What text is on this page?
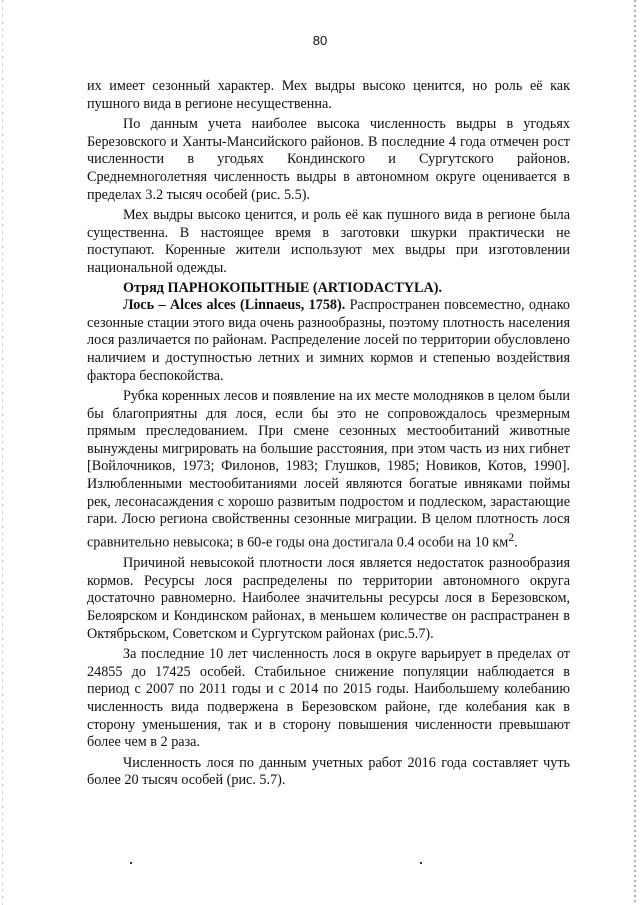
80

их имеет сезонный характер. Мех выдры высоко ценится, но роль её как пушного вида в регионе несущественна.

По данным учета наиболее высока численность выдры в угодьях Березовского и Ханты-Мансийского районов. В последние 4 года отмечен рост численности в угодьях Кондинского и Сургутского районов. Среднемноголетняя численность выдры в автономном округе оценивается в пределах 3.2 тысяч особей (рис. 5.5).

Мех выдры высоко ценится, и роль её как пушного вида в регионе была существенна. В настоящее время в заготовки шкурки практически не поступают. Коренные жители используют мех выдры при изготовлении национальной одежды.

Отряд ПАРНОКОПЫТНЫЕ (ARTIODACTYLA).

Лось – Alces alces (Linnaeus, 1758). Распространен повсеместно, однако сезонные стации этого вида очень разнообразны, поэтому плотность населения лося различается по районам. Распределение лосей по территории обусловлено наличием и доступностью летних и зимних кормов и степенью воздействия фактора беспокойства.

Рубка коренных лесов и появление на их месте молодняков в целом были бы благоприятны для лося, если бы это не сопровождалось чрезмерным прямым преследованием. При смене сезонных местообитаний животные вынуждены мигрировать на большие расстояния, при этом часть из них гибнет [Войлочников, 1973; Филонов, 1983; Глушков, 1985; Новиков, Котов, 1990]. Излюбленными местообитаниями лосей являются богатые ивняками поймы рек, лесонасаждения с хорошо развитым подростом и подлеском, зарастающие гари. Лосю региона свойственны сезонные миграции. В целом плотность лося сравнительно невысока; в 60-е годы она достигала 0.4 особи на 10 $км^2$.

Причиной невысокой плотности лося является недостаток разнообразия кормов. Ресурсы лося распределены по территории автономного округа достаточно равномерно. Наиболее значительны ресурсы лося в Березовском, Белоярском и Кондинском районах, в меньшем количестве он распрастранен в Октябрьском, Советском и Сургутском районах (рис.5.7).

За последние 10 лет численность лося в округе варьирует в пределах от 24855 до 17425 особей. Стабильное снижение популяции наблюдается в период с 2007 по 2011 годы и с 2014 по 2015 годы. Наибольшему колебанию численность вида подвержена в Березовском районе, где колебания как в сторону уменьшения, так и в сторону повышения численности превышают более чем в 2 раза.

Численность лося по данным учетных работ 2016 года составляет чуть более 20 тысяч особей (рис. 5.7).
